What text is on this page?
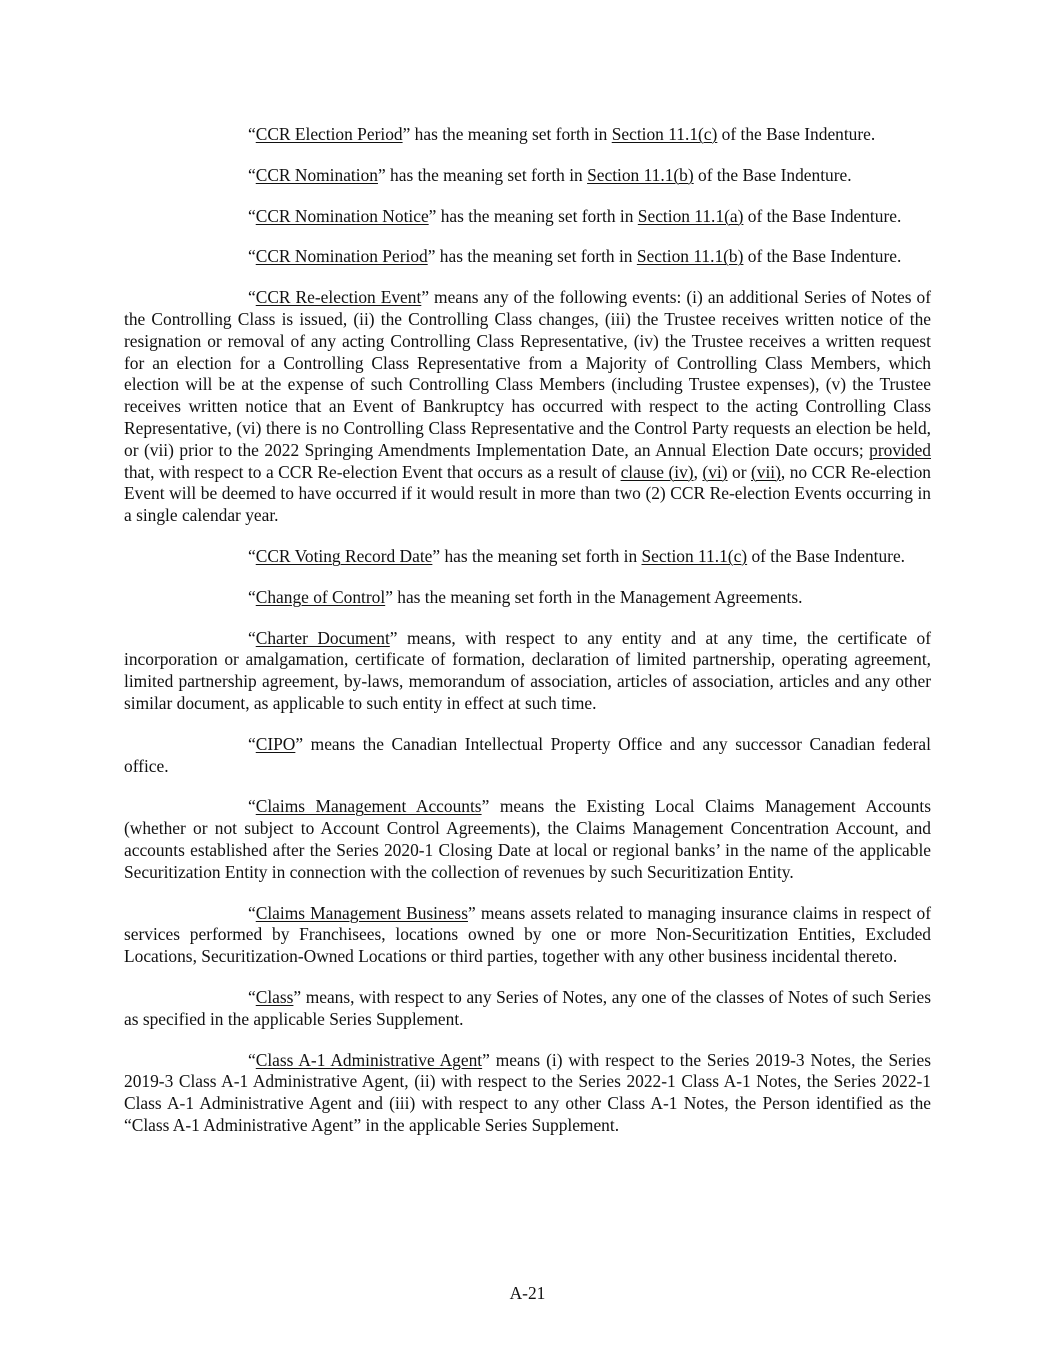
“CCR Election Period” has the meaning set forth in Section 11.1(c) of the Base Indenture.

“CCR Nomination” has the meaning set forth in Section 11.1(b) of the Base Indenture.

“CCR Nomination Notice” has the meaning set forth in Section 11.1(a) of the Base Indenture.

“CCR Nomination Period” has the meaning set forth in Section 11.1(b) of the Base Indenture.

“CCR Re-election Event” means any of the following events: (i) an additional Series of Notes of the Controlling Class is issued, (ii) the Controlling Class changes, (iii) the Trustee receives written notice of the resignation or removal of any acting Controlling Class Representative, (iv) the Trustee receives a written request for an election for a Controlling Class Representative from a Majority of Controlling Class Members, which election will be at the expense of such Controlling Class Members (including Trustee expenses), (v) the Trustee receives written notice that an Event of Bankruptcy has occurred with respect to the acting Controlling Class Representative, (vi) there is no Controlling Class Representative and the Control Party requests an election be held, or (vii) prior to the 2022 Springing Amendments Implementation Date, an Annual Election Date occurs; provided that, with respect to a CCR Re-election Event that occurs as a result of clause (iv), (vi) or (vii), no CCR Re-election Event will be deemed to have occurred if it would result in more than two (2) CCR Re-election Events occurring in a single calendar year.

“CCR Voting Record Date” has the meaning set forth in Section 11.1(c) of the Base Indenture.

“Change of Control” has the meaning set forth in the Management Agreements.

“Charter Document” means, with respect to any entity and at any time, the certificate of incorporation or amalgamation, certificate of formation, declaration of limited partnership, operating agreement, limited partnership agreement, by-laws, memorandum of association, articles of association, articles and any other similar document, as applicable to such entity in effect at such time.

“CIPO” means the Canadian Intellectual Property Office and any successor Canadian federal office.

“Claims Management Accounts” means the Existing Local Claims Management Accounts (whether or not subject to Account Control Agreements), the Claims Management Concentration Account, and accounts established after the Series 2020-1 Closing Date at local or regional banks’ in the name of the applicable Securitization Entity in connection with the collection of revenues by such Securitization Entity.

“Claims Management Business” means assets related to managing insurance claims in respect of services performed by Franchisees, locations owned by one or more Non-Securitization Entities, Excluded Locations, Securitization-Owned Locations or third parties, together with any other business incidental thereto.

“Class” means, with respect to any Series of Notes, any one of the classes of Notes of such Series as specified in the applicable Series Supplement.

“Class A-1 Administrative Agent” means (i) with respect to the Series 2019-3 Notes, the Series 2019-3 Class A-1 Administrative Agent, (ii) with respect to the Series 2022-1 Class A-1 Notes, the Series 2022-1 Class A-1 Administrative Agent and (iii) with respect to any other Class A-1 Notes, the Person identified as the “Class A-1 Administrative Agent” in the applicable Series Supplement.

A-21
